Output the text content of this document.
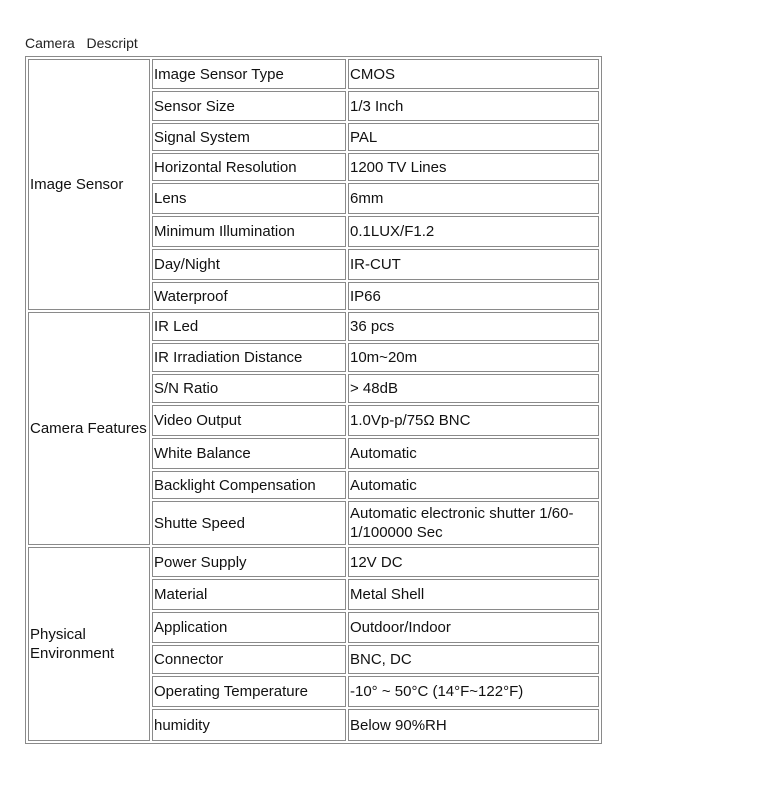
Camera   Descript
Image Sensor	Image Sensor Type	CMOS
	Sensor Size	1/3 Inch
	Signal System	PAL
	Horizontal Resolution	1200 TV Lines
	Lens	6mm
	Minimum Illumination	0.1LUX/F1.2
	Day/Night	IR-CUT
	Waterproof	IP66
Camera Features	IR Led	36 pcs
	IR Irradiation Distance	10m~20m
	S/N Ratio	> 48dB
	Video Output	1.0Vp-p/75Ω BNC
	White Balance	Automatic
	Backlight Compensation	Automatic
	Shutte Speed	Automatic electronic shutter 1/60-1/100000 Sec
Physical Environment	Power Supply	12V DC
	Material	Metal Shell
	Application	Outdoor/Indoor
	Connector	BNC, DC
	Operating Temperature	-10° ~ 50°C (14°F~122°F)
	humidity	Below 90%RH
